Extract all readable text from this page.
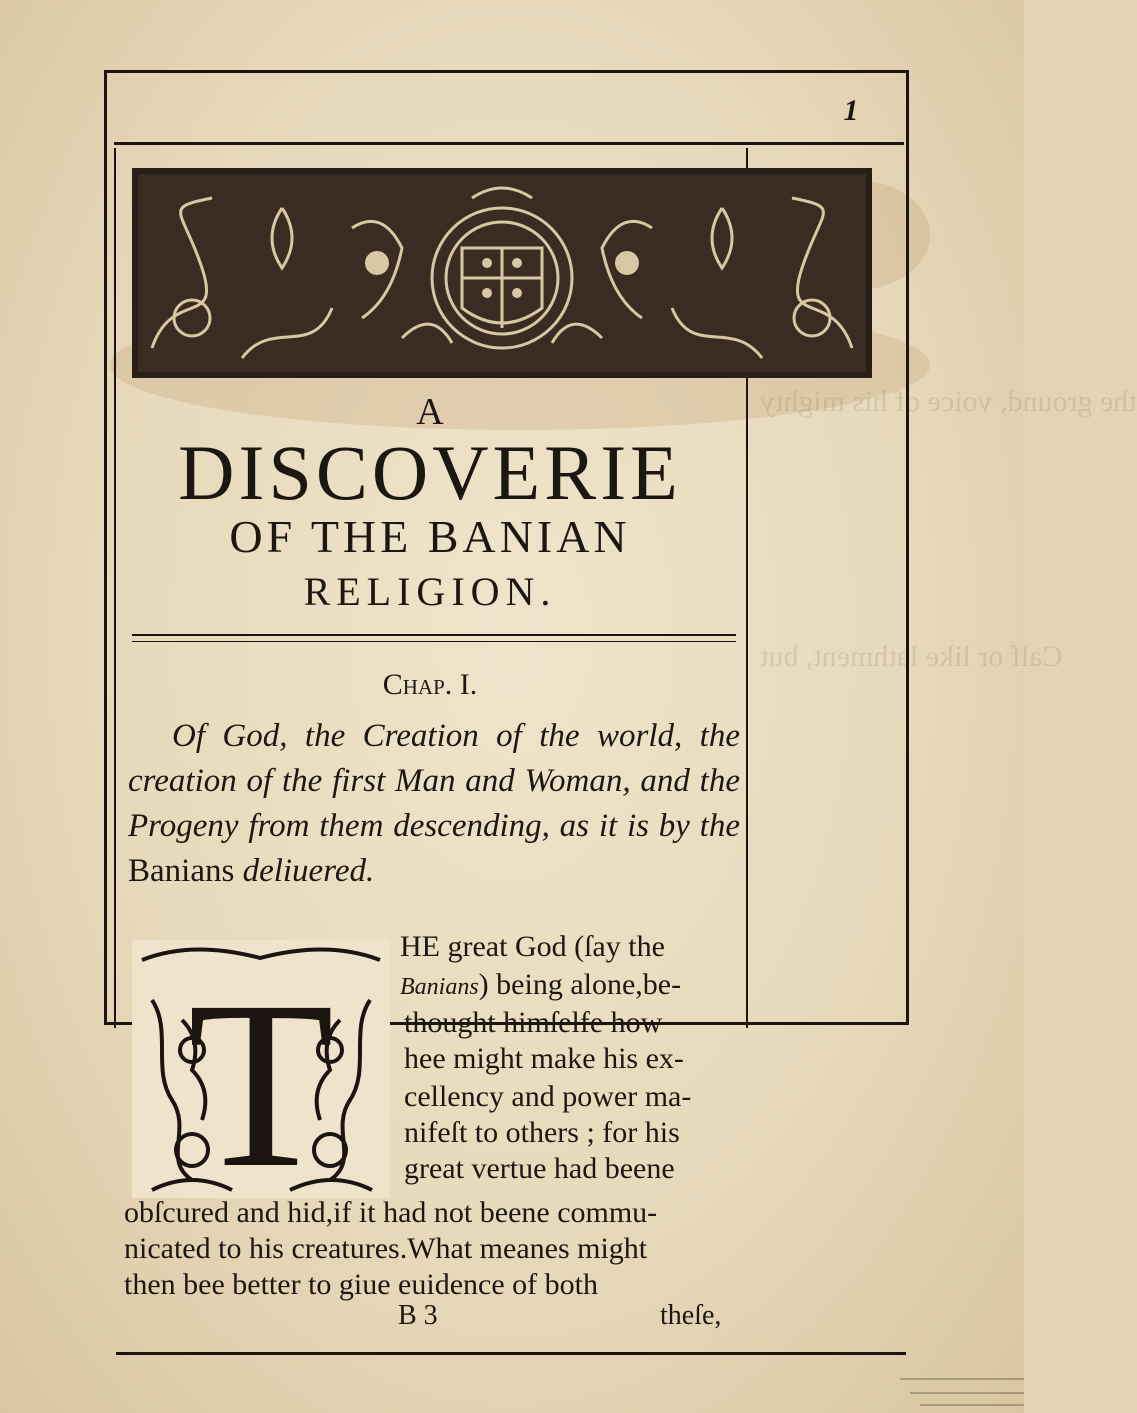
the ground, voice of his mighty
Calf or like lathment, but
1
A
DISCOVERIE
OF THE BANIAN
RELIGION.
Chap. I.
Of God, the Creation of the world, the creation of the first Man and Woman, and the Progeny from them descending, as it is by the Banians deliuered.
T
HE great God (ſay the
Banians) being alone,be-
thought himſelfe how
hee might make his ex-
cellency and power ma-
nifeſt to others ; for his
great vertue had beene
obſcured and hid,if it had not beene commu-
nicated to his creatures.What meanes might
then bee better to giue euidence of both
B 3	theſe,
